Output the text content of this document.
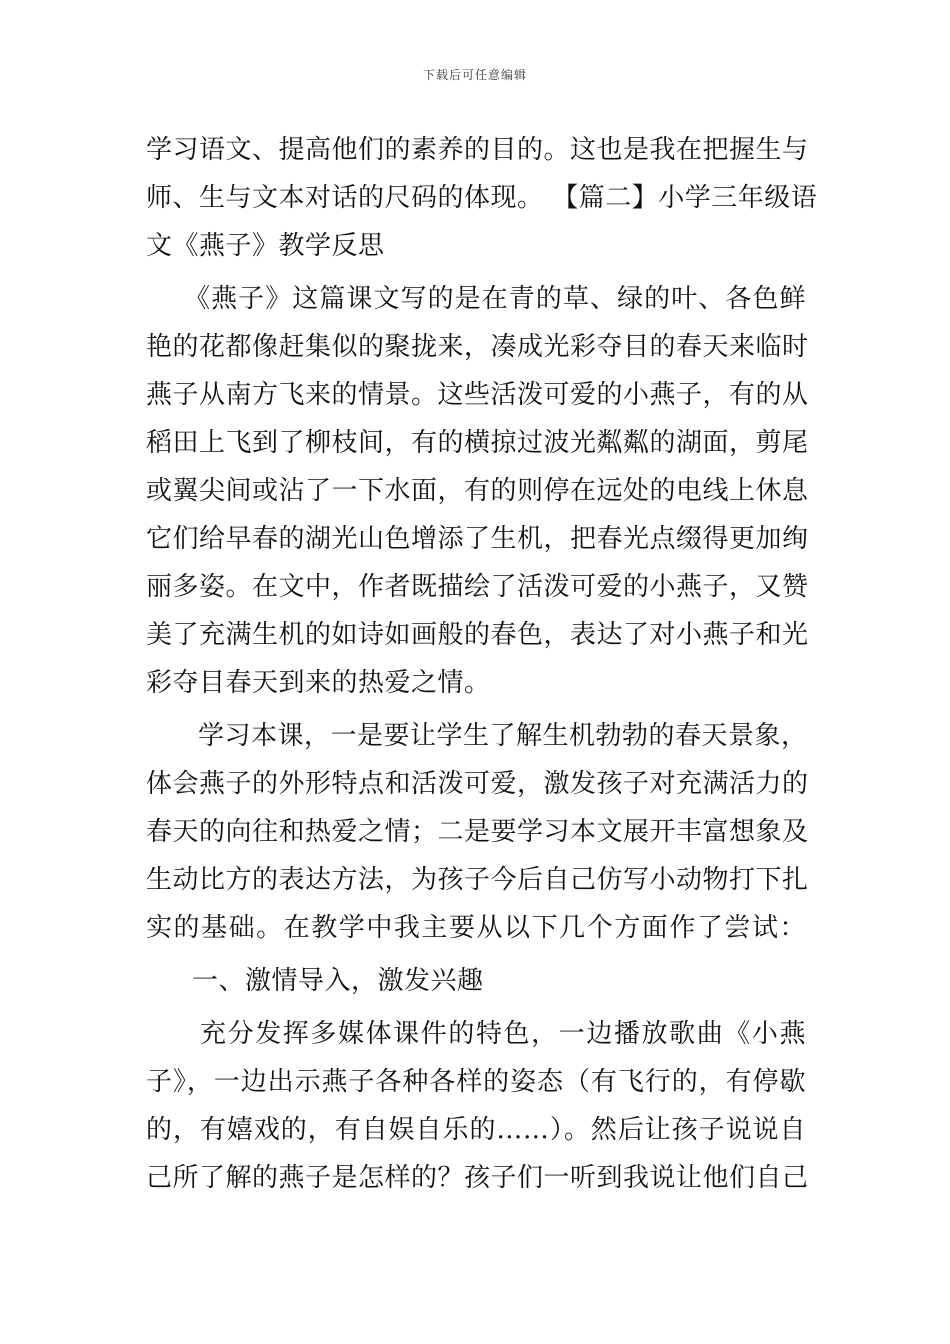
下载后可任意编辑
学习语文、提高他们的素养的目的。这也是我在把握生与
师、生与文本对话的尺码的体现。 【篇二】小学三年级语
文《燕子》教学反思
《燕子》这篇课文写的是在青的草、绿的叶、各色鲜
艳的花都像赶集似的聚拢来，凑成光彩夺目的春天来临时
燕子从南方飞来的情景。这些活泼可爱的小燕子，有的从
稻田上飞到了柳枝间，有的横掠过波光粼粼的湖面，剪尾
或翼尖间或沾了一下水面，有的则停在远处的电线上休息
它们给早春的湖光山色增添了生机，把春光点缀得更加绚
丽多姿。在文中，作者既描绘了活泼可爱的小燕子，又赞
美了充满生机的如诗如画般的春色，表达了对小燕子和光
彩夺目春天到来的热爱之情。
学习本课，一是要让学生了解生机勃勃的春天景象，
体会燕子的外形特点和活泼可爱，激发孩子对充满活力的
春天的向往和热爱之情；二是要学习本文展开丰富想象及
生动比方的表达方法，为孩子今后自己仿写小动物打下扎
实的基础。在教学中我主要从以下几个方面作了尝试：
一、激情导入，激发兴趣
充分发挥多媒体课件的特色，一边播放歌曲《小燕
子》，一边出示燕子各种各样的姿态（有飞行的，有停歇
的，有嬉戏的，有自娱自乐的……）。然后让孩子说说自
己所了解的燕子是怎样的？孩子们一听到我说让他们自己
